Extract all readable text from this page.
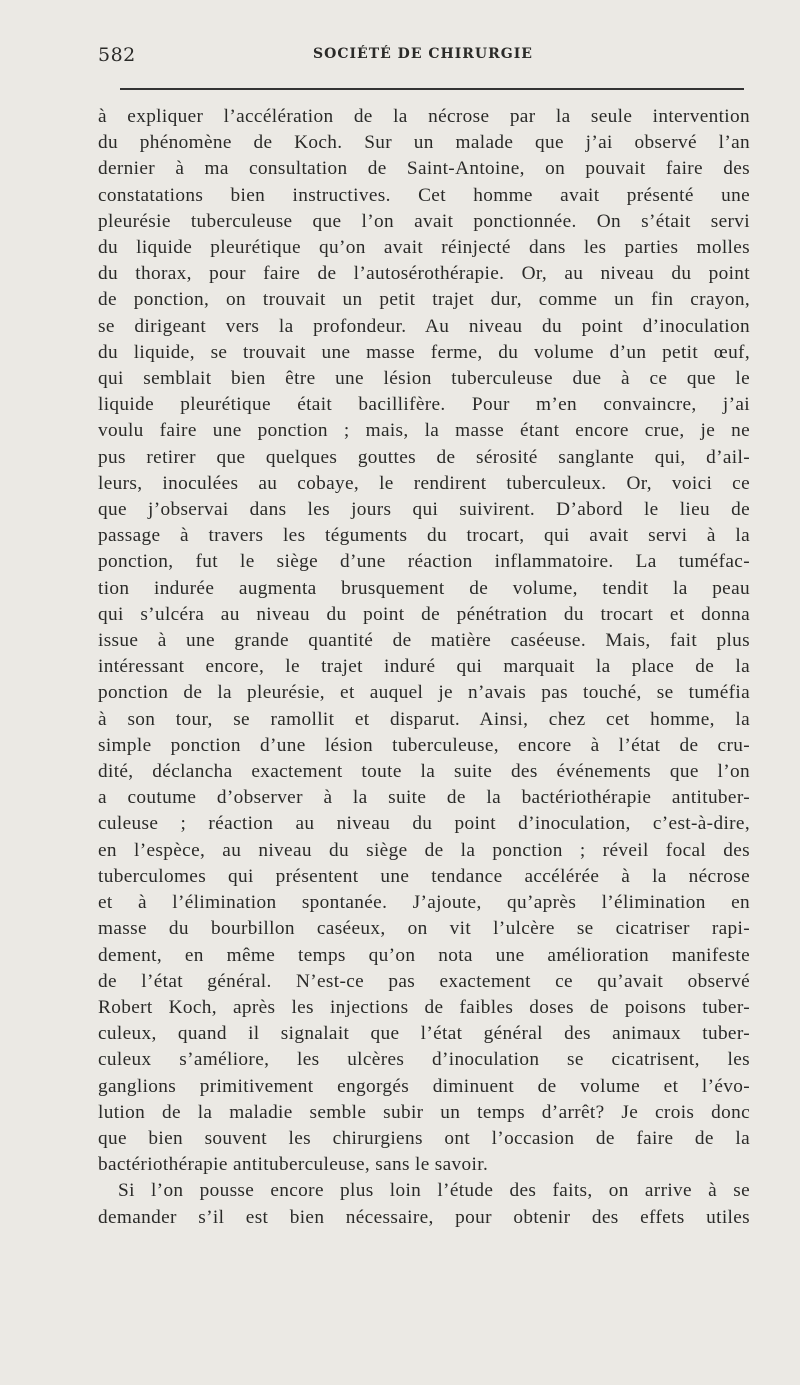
582	SOCIÉTÉ DE CHIRURGIE
à expliquer l’accélération de la nécrose par la seule intervention
du phénomène de Koch. Sur un malade que j’ai observé l’an
dernier à ma consultation de Saint-Antoine, on pouvait faire des
constatations bien instructives. Cet homme avait présenté une
pleurésie tuberculeuse que l’on avait ponctionnée. On s’était servi
du liquide pleurétique qu’on avait réinjecté dans les parties molles
du thorax, pour faire de l’autosérothérapie. Or, au niveau du point
de ponction, on trouvait un petit trajet dur, comme un fin crayon,
se dirigeant vers la profondeur. Au niveau du point d’inoculation
du liquide, se trouvait une masse ferme, du volume d’un petit œuf,
qui semblait bien être une lésion tuberculeuse due à ce que le
liquide pleurétique était bacillifère. Pour m’en convaincre, j’ai
voulu faire une ponction ; mais, la masse étant encore crue, je ne
pus retirer que quelques gouttes de sérosité sanglante qui, d’ail-
leurs, inoculées au cobaye, le rendirent tuberculeux. Or, voici ce
que j’observai dans les jours qui suivirent. D’abord le lieu de
passage à travers les téguments du trocart, qui avait servi à la
ponction, fut le siège d’une réaction inflammatoire. La tuméfac-
tion indurée augmenta brusquement de volume, tendit la peau
qui s’ulcéra au niveau du point de pénétration du trocart et donna
issue à une grande quantité de matière caséeuse. Mais, fait plus
intéressant encore, le trajet induré qui marquait la place de la
ponction de la pleurésie, et auquel je n’avais pas touché, se tuméfia
à son tour, se ramollit et disparut. Ainsi, chez cet homme, la
simple ponction d’une lésion tuberculeuse, encore à l’état de cru-
dité, déclancha exactement toute la suite des événements que l’on
a coutume d’observer à la suite de la bactériothérapie antituber-
culeuse ; réaction au niveau du point d’inoculation, c’est-à-dire,
en l’espèce, au niveau du siège de la ponction ; réveil focal des
tuberculomes qui présentent une tendance accélérée à la nécrose
et à l’élimination spontanée. J’ajoute, qu’après l’élimination en
masse du bourbillon caséeux, on vit l’ulcère se cicatriser rapi-
dement, en même temps qu’on nota une amélioration manifeste
de l’état général. N’est-ce pas exactement ce qu’avait observé
Robert Koch, après les injections de faibles doses de poisons tuber-
culeux, quand il signalait que l’état général des animaux tuber-
culeux s’améliore, les ulcères d’inoculation se cicatrisent, les
ganglions primitivement engorgés diminuent de volume et l’évo-
lution de la maladie semble subir un temps d’arrêt? Je crois donc
que bien souvent les chirurgiens ont l’occasion de faire de la
bactériothérapie antituberculeuse, sans le savoir.
Si l’on pousse encore plus loin l’étude des faits, on arrive à se
demander s’il est bien nécessaire, pour obtenir des effets utiles
